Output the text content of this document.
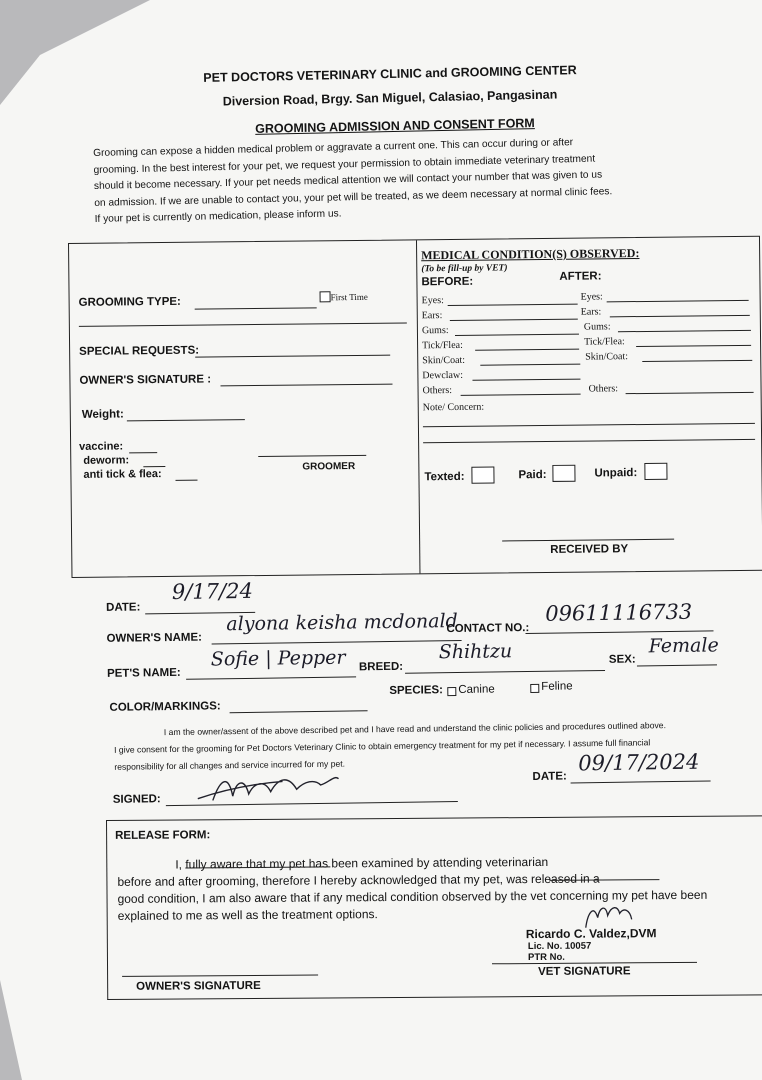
PET DOCTORS VETERINARY CLINIC and GROOMING CENTER
Diversion Road, Brgy. San Miguel, Calasiao, Pangasinan
GROOMING ADMISSION AND CONSENT FORM
Grooming can expose a hidden medical problem or aggravate a current one. This can occur during or after
grooming. In the best interest for your pet, we request your permission to obtain immediate veterinary treatment
should it become necessary. If your pet needs medical attention we will contact your number that was given to us
on admission. If we are unable to contact you, your pet will be treated, as we deem necessary at normal clinic fees.
If your pet is currently on medication, please inform us.
GROOMING TYPE:	First Time
SPECIAL REQUESTS:
OWNER'S SIGNATURE :
Weight:
vaccine:
deworm:
anti tick & flea:
GROOMER
MEDICAL CONDITION(S) OBSERVED:
(To be fill-up by VET)
BEFORE:	AFTER:
Eyes:
Ears:
Gums:
Tick/Flea:
Skin/Coat:
Dewclaw:
Others:
Eyes:
Ears:
Gums:
Tick/Flea:
Skin/Coat:
Others:
Note/ Concern:
Texted:	Paid:	Unpaid:
RECEIVED BY
DATE:
9/17/24
OWNER'S NAME:
alyona keisha mcdonald
CONTACT NO.:
09611116733
PET'S NAME:
Sofie | Pepper BREED:
Shihtzu	SEX:
Female
COLOR/MARKINGS:
SPECIES: Canine	Feline
I am the owner/assent of the above described pet and I have read and understand the clinic policies and procedures outlined above.
I give consent for the grooming for Pet Doctors Veterinary Clinic to obtain emergency treatment for my pet if necessary. I assume full financial
responsibility for all changes and service incurred for my pet.
SIGNED:
DATE:
09/17/2024
RELEASE FORM:
I, fully aware that my pet has been examined by attending veterinarian
before and after grooming, therefore I hereby acknowledged that my pet, was released in a
good condition, I am also aware that if any medical condition observed by the vet concerning my pet have been
explained to me as well as the treatment options.
Ricardo C. Valdez,DVM
Lic. No. 10057
PTR No.
VET SIGNATURE
OWNER'S SIGNATURE
